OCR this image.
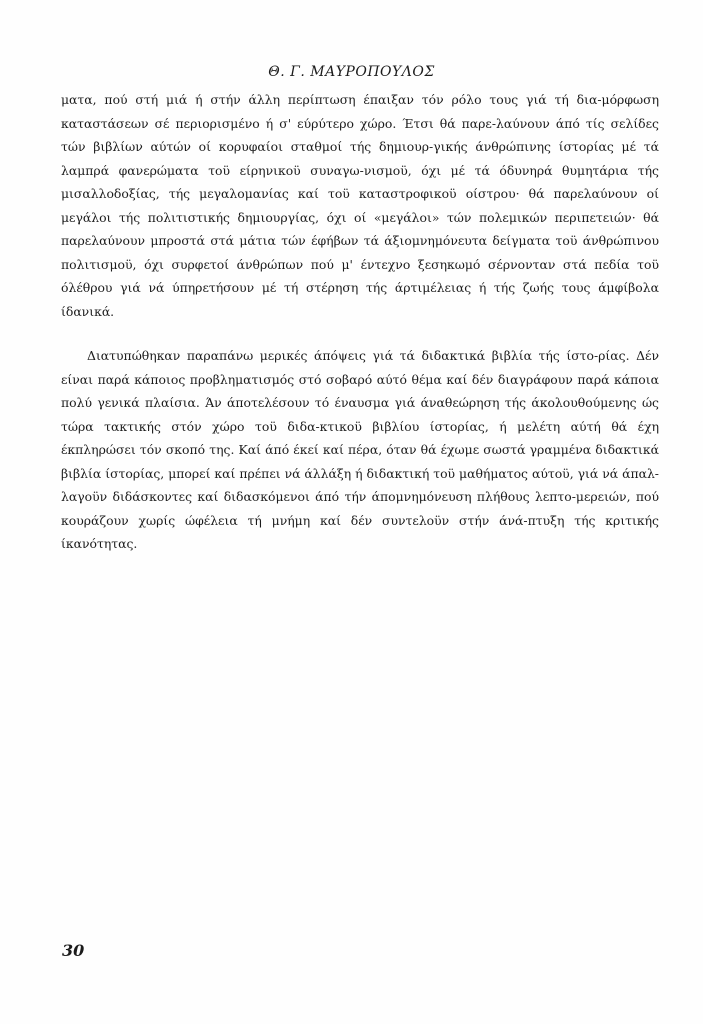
Θ. Γ. ΜΑΥΡΟΠΟΥΛΟΣ

ματα, πού στή μιά ή στήν άλλη περίπτωση έπαιξαν τόν ρόλο τους γιά τή δια-μόρφωση καταστάσεων σέ περιορισμένο ή σ' εύρύτερο χώρο. Έτσι θά παρε-λαύνουν άπό τίς σελίδες τών βιβλίων αύτών οί κορυφαίοι σταθμοί τής δημιουρ-γικής άνθρώπινης ίστορίας μέ τά λαμπρά φανερώματα τοϋ είρηνικοϋ συναγω-νισμοϋ, όχι μέ τά όδυνηρά θυμητάρια τής μισαλλοδοξίας, τής μεγαλομανίας καί τοϋ καταστροφικοϋ οίστρου· θά παρελαύνουν οί μεγάλοι τής πολιτιστικής δημιουργίας, όχι οί «μεγάλοι» τών πολεμικών περιπετειών· θά παρελαύνουν μπροστά στά μάτια τών έφήβων τά άξιομνημόνευτα δείγματα τοϋ άνθρώπινου πολιτισμοϋ, όχι συρφετοί άνθρώπων πού μ' έντεχνο ξεσηκωμό σέρνονταν στά πεδία τοϋ όλέθρου γιά νά ύπηρετήσουν μέ τή στέρηση τής άρτιμέλειας ή τής ζωής τους άμφίβολα ίδανικά.

Διατυπώθηκαν παραπάνω μερικές άπόψεις γιά τά διδακτικά βιβλία τής ίστο-ρίας. Δέν είναι παρά κάποιος προβληματισμός στό σοβαρό αύτό θέμα καί δέν διαγράφουν παρά κάποια πολύ γενικά πλαίσια. Άν άποτελέσουν τό έναυσμα γιά άναθεώρηση τής άκολουθούμενης ώς τώρα τακτικής στόν χώρο τοϋ διδα-κτικοϋ βιβλίου ίστορίας, ή μελέτη αύτή θά έχη έκπληρώσει τόν σκοπό της. Καί άπό έκεί καί πέρα, όταν θά έχωμε σωστά γραμμένα διδακτικά βιβλία ίστορίας, μπορεί καί πρέπει νά άλλάξη ή διδακτική τοϋ μαθήματος αύτοϋ, γιά νά άπαλ-λαγοϋν διδάσκοντες καί διδασκόμενοι άπό τήν άπομνημόνευση πλήθους λεπτο-μερειών, πού κουράζουν χωρίς ώφέλεια τή μνήμη καί δέν συντελοϋν στήν άνά-πτυξη τής κριτικής ίκανότητας.

30
